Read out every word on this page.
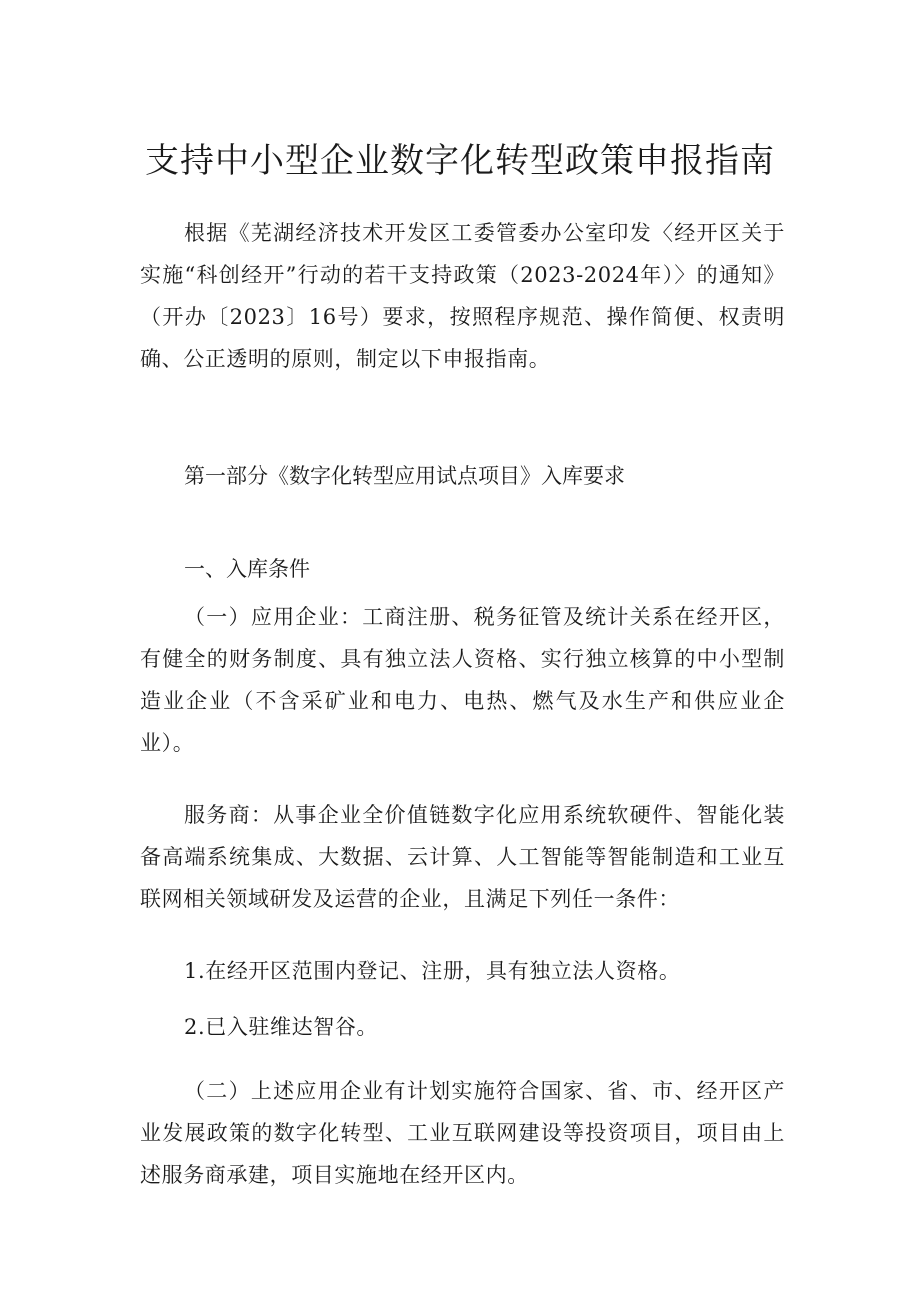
支持中小型企业数字化转型政策申报指南

根据《芜湖经济技术开发区工委管委办公室印发〈经开区关于实施“科创经开”行动的若干支持政策（2023-2024年）〉的通知》（开办〔2023〕16号）要求，按照程序规范、操作简便、权责明确、公正透明的原则，制定以下申报指南。

第一部分《数字化转型应用试点项目》入库要求
一、入库条件

（一）应用企业：工商注册、税务征管及统计关系在经开区，有健全的财务制度、具有独立法人资格、实行独立核算的中小型制造业企业（不含采矿业和电力、电热、燃气及水生产和供应业企业）。

服务商：从事企业全价值链数字化应用系统软硬件、智能化装备高端系统集成、大数据、云计算、人工智能等智能制造和工业互联网相关领域研发及运营的企业，且满足下列任一条件：

1.在经开区范围内登记、注册，具有独立法人资格。
2.已入驻维达智谷。

（二）上述应用企业有计划实施符合国家、省、市、经开区产业发展政策的数字化转型、工业互联网建设等投资项目，项目由上述服务商承建，项目实施地在经开区内。
